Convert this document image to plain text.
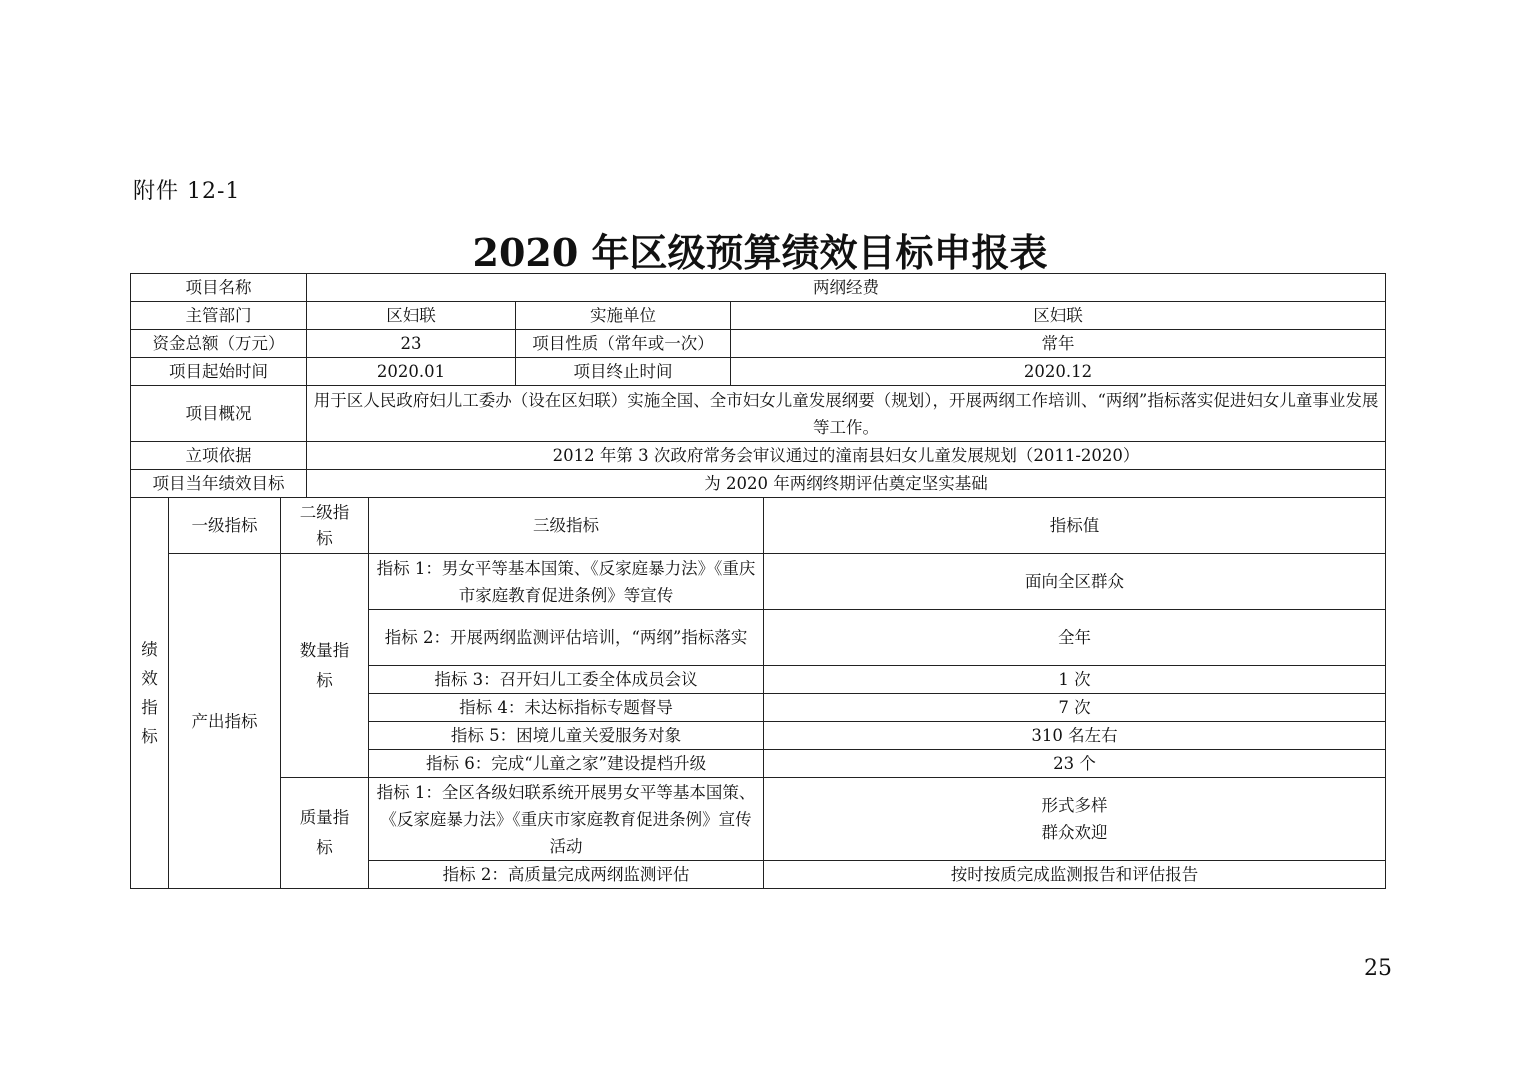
附件 12-1
2020 年区级预算绩效目标申报表
项目名称			两纲经费				
主管部门			区妇联		实施单位	区妇联	
资金总额（万元）			23		项目性质（常年或一次）	常年	
项目起始时间			2020.01		项目终止时间	2020.12	
项目概况			用于区人民政府妇儿工委办（设在区妇联）实施全国、全市妇女儿童发展纲要（规划），开展两纲工作培训、“两纲”指标落实促进妇女儿童事业发展等工作。				
立项依据			2012 年第 3 次政府常务会审议通过的潼南县妇女儿童发展规划（2011-2020）				
项目当年绩效目标			为 2020 年两纲终期评估奠定坚实基础				
绩效指标	一级指标	二级指标		三级指标			指标值
	产出指标	数量指标		指标 1：男女平等基本国策、《反家庭暴力法》《重庆市家庭教育促进条例》等宣传			面向全区群众
				指标 2：开展两纲监测评估培训，“两纲”指标落实			全年
				指标 3：召开妇儿工委全体成员会议			1 次
				指标 4：未达标指标专题督导			7 次
				指标 5：困境儿童关爱服务对象			310 名左右
				指标 6：完成“儿童之家”建设提档升级			23 个
		质量指标		指标 1：全区各级妇联系统开展男女平等基本国策、《反家庭暴力法》《重庆市家庭教育促进条例》宣传活动			形式多样
群众欢迎

				指标 2：高质量完成两纲监测评估			按时按质完成监测报告和评估报告
25
